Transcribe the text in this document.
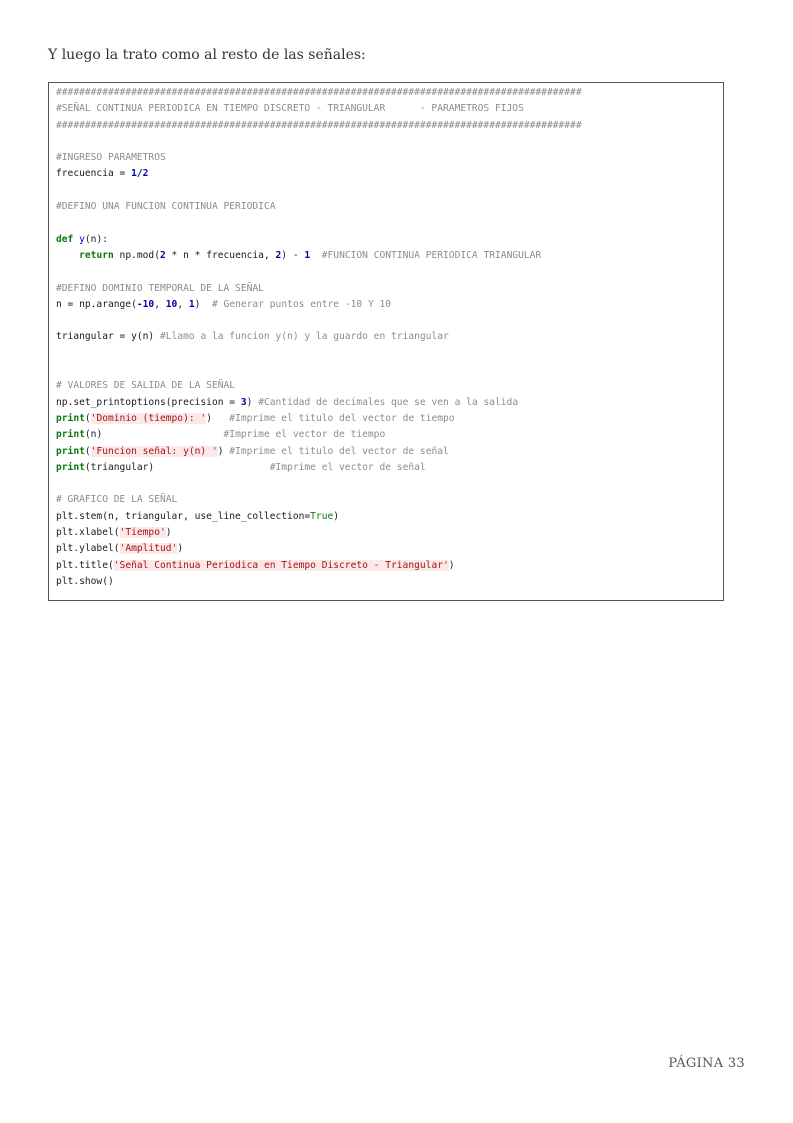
Y luego la trato como al resto de las señales:

###########################################################################################
#SEÑAL CONTINUA PERIODICA EN TIEMPO DISCRETO - TRIANGULAR      - PARAMETROS FIJOS
###########################################################################################
#INGRESO PARAMETROS
frecuencia = 1/2
#DEFINO UNA FUNCION CONTINUA PERIODICA
def y(n):
return np.mod(2 * n * frecuencia, 2) - 1  #FUNCION CONTINUA PERIODICA TRIANGULAR
#DEFINO DOMINIO TEMPORAL DE LA SEÑAL
n = np.arange(-10, 10, 1)  # Generar puntos entre -10 Y 10
triangular = y(n) #Llamo a la funcion y(n) y la guardo en triangular
# VALORES DE SALIDA DE LA SEÑAL
np.set_printoptions(precision = 3) #Cantidad de decimales que se ven a la salida
print('Dominio (tiempo): ')   #Imprime el titulo del vector de tiempo
print(n)                     #Imprime el vector de tiempo
print('Funcion señal: y(n) ') #Imprime el titulo del vector de señal
print(triangular)                    #Imprime el vector de señal
# GRAFICO DE LA SEÑAL
plt.stem(n, triangular, use_line_collection=True)
plt.xlabel('Tiempo')
plt.ylabel('Amplitud')
plt.title('Señal Continua Periodica en Tiempo Discreto - Triangular')
plt.show()
PÁGINA 33
